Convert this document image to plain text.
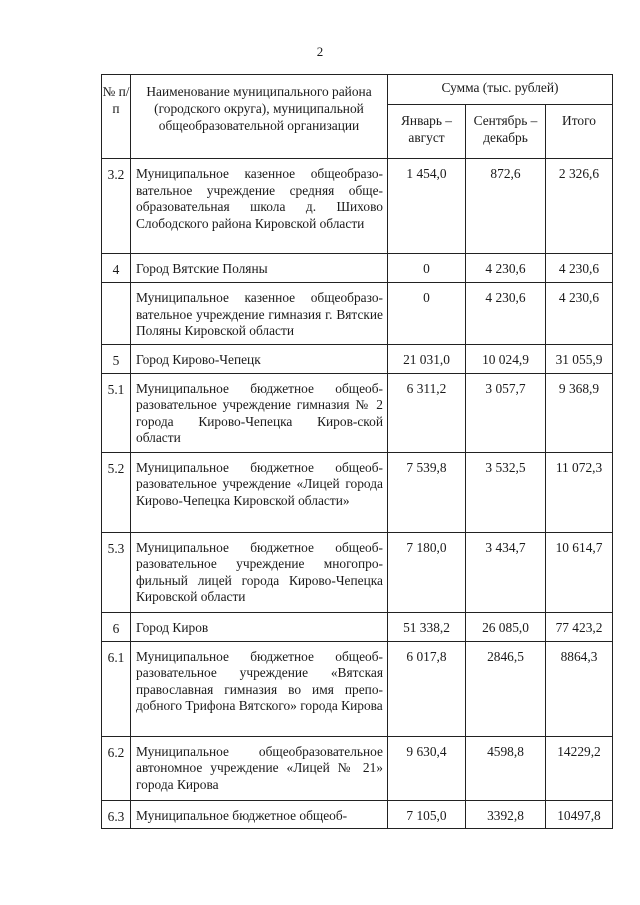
2
№ п/п	Наименование муниципального района (городского округа), муниципальной общеобразовательной организации	Сумма (тыс. рублей)		
		Январь – август	Сентябрь – декабрь	Итого
3.2	Муниципальное казенное общеобразо-вательное учреждение средняя обще-образовательная школа д. Шихово Слободского района Кировской области	1 454,0	872,6	2 326,6
4	Город Вятские Поляны	0	4 230,6	4 230,6
	Муниципальное казенное общеобразо-вательное учреждение гимназия г. Вятские Поляны Кировской области	0	4 230,6	4 230,6
5	Город Кирово-Чепецк	21 031,0	10 024,9	31 055,9
5.1	Муниципальное бюджетное общеоб-разовательное учреждение гимназия № 2 города Кирово-Чепецка Киров-ской области	6 311,2	3 057,7	9 368,9
5.2	Муниципальное бюджетное общеоб-разовательное учреждение «Лицей города Кирово-Чепецка Кировской области»	7 539,8	3 532,5	11 072,3
5.3	Муниципальное бюджетное общеоб-разовательное учреждение многопро-фильный лицей города Кирово-Чепецка Кировской области	7 180,0	3 434,7	10 614,7
6	Город Киров	51 338,2	26 085,0	77 423,2
6.1	Муниципальное бюджетное общеоб-разовательное учреждение «Вятская православная гимназия во имя препо-добного Трифона Вятского» города Кирова	6 017,8	2846,5	8864,3
6.2	Муниципальное общеобразовательное автономное учреждение «Лицей № 21» города Кирова	9 630,4	4598,8	14229,2
6.3	Муниципальное бюджетное общеоб-	7 105,0	3392,8	10497,8
